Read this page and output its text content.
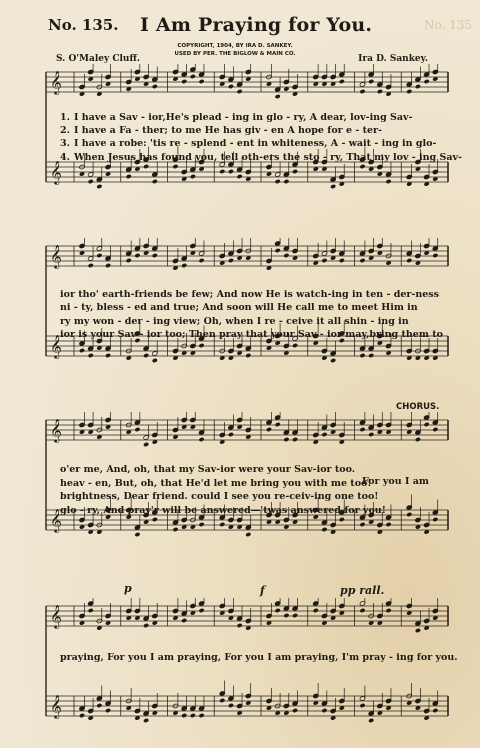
No. 135. I Am Praying for You.	No. 135
S. O'Maley Cluff.
COPYRIGHT, 1904, BY IRA D. SANKEY.
USED BY PER. THE BIGLOW & MAIN CO.	Ira D. Sankey.
𝄞
𝄞
1. I have a Sav - ior,He's plead - ing in glo - ry, A dear, lov-ing Sav-
2. I have a Fa - ther; to me He has giv - en A hope for e - ter-
3. I have a robe: 'tis re - splend - ent in whiteness, A - wait - ing in glo-
4. When Jesus has found you, tell oth-ers the sto - ry, That my lov - ing Sav-
𝄞
𝄞
ior tho' earth-friends be few; And now He is watch-ing in ten - der-ness
ni - ty, bless - ed and true; And soon will He call me to meet Him in
ry my won - der - ing view; Oh, when I re - ceive it all shin - ing in
ior is your Sav - ior too; Then pray that your Sav - ior may,bring them to
𝄞
𝄞
CHORUS.
o'er me, And, oh, that my Sav-ior were your Sav-ior too.
heav - en, But, oh, that He'd let me bring you with me too!
brightness, Dear friend. could I see you re-ceiv-ing one too!
glo - ry, And pray'r will be answered—'twas answered for you!
For you I am
𝄞
𝄞
p	f	pp rall.
praying, For you I am praying, For you I am praying, I'm pray - ing for you.
